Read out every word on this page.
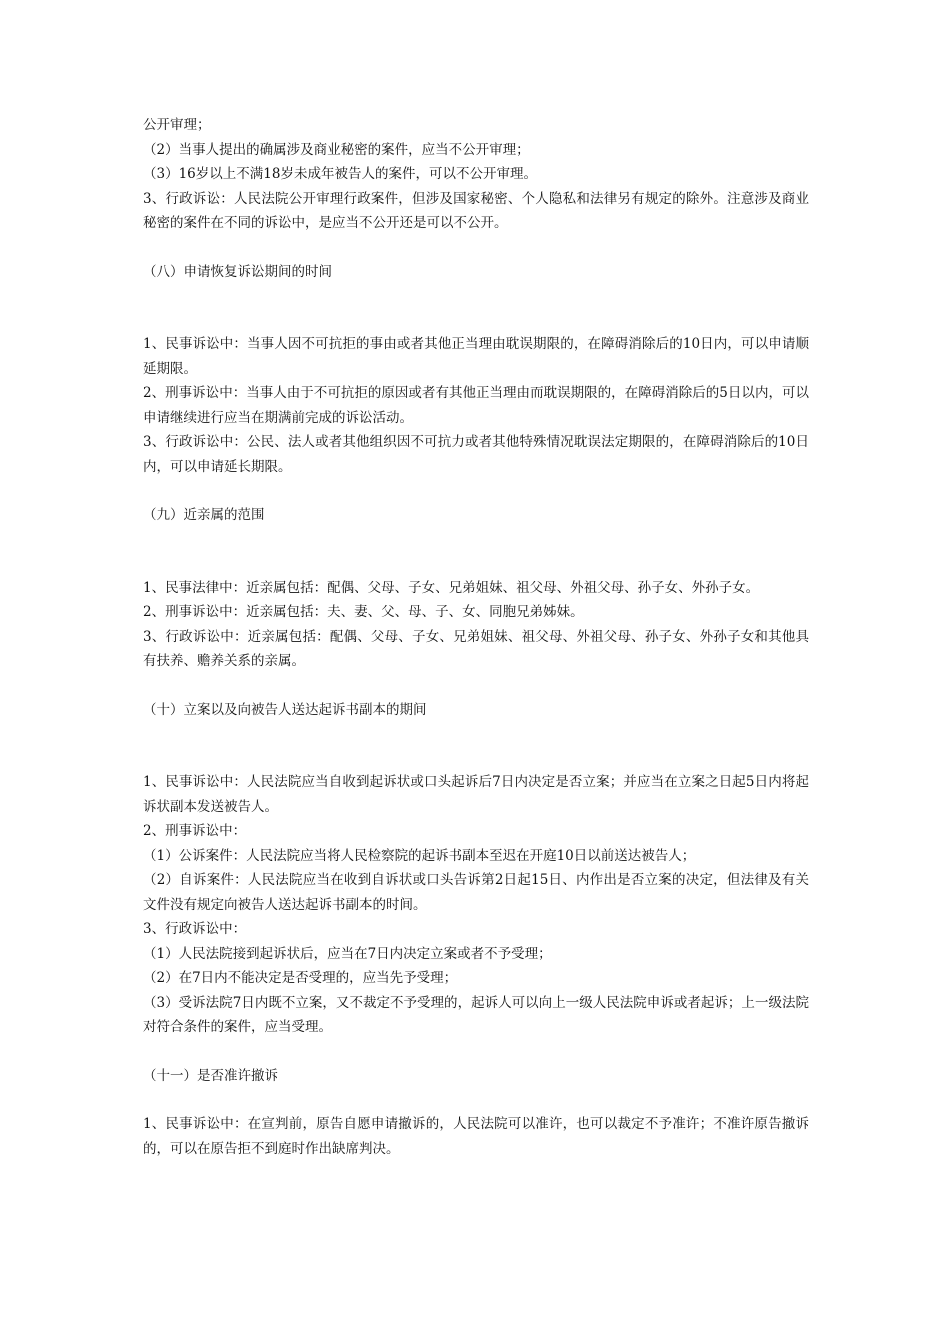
公开审理；

（2）当事人提出的确属涉及商业秘密的案件，应当不公开审理；

（3）16岁以上不满18岁未成年被告人的案件，可以不公开审理。

3、行政诉讼：人民法院公开审理行政案件，但涉及国家秘密、个人隐私和法律另有规定的除外。注意涉及商业秘密的案件在不同的诉讼中，是应当不公开还是可以不公开。

（八）申请恢复诉讼期间的时间

1、民事诉讼中：当事人因不可抗拒的事由或者其他正当理由耽误期限的，在障碍消除后的10日内，可以申请顺延期限。

2、刑事诉讼中：当事人由于不可抗拒的原因或者有其他正当理由而耽误期限的，在障碍消除后的5日以内，可以申请继续进行应当在期满前完成的诉讼活动。

3、行政诉讼中：公民、法人或者其他组织因不可抗力或者其他特殊情况耽误法定期限的，在障碍消除后的10日内，可以申请延长期限。

（九）近亲属的范围

1、民事法律中：近亲属包括：配偶、父母、子女、兄弟姐妹、祖父母、外祖父母、孙子女、外孙子女。

2、刑事诉讼中：近亲属包括：夫、妻、父、母、子、女、同胞兄弟姊妹。

3、行政诉讼中：近亲属包括：配偶、父母、子女、兄弟姐妹、祖父母、外祖父母、孙子女、外孙子女和其他具有扶养、赡养关系的亲属。

（十）立案以及向被告人送达起诉书副本的期间

1、民事诉讼中：人民法院应当自收到起诉状或口头起诉后7日内决定是否立案；并应当在立案之日起5日内将起诉状副本发送被告人。

2、刑事诉讼中：

（1）公诉案件：人民法院应当将人民检察院的起诉书副本至迟在开庭10日以前送达被告人；

（2）自诉案件：人民法院应当在收到自诉状或口头告诉第2日起15日、内作出是否立案的决定，但法律及有关文件没有规定向被告人送达起诉书副本的时间。

3、行政诉讼中：

（1）人民法院接到起诉状后，应当在7日内决定立案或者不予受理；

（2）在7日内不能决定是否受理的，应当先予受理；

（3）受诉法院7日内既不立案，又不裁定不予受理的，起诉人可以向上一级人民法院申诉或者起诉；上一级法院对符合条件的案件，应当受理。

（十一）是否准许撤诉

1、民事诉讼中：在宣判前，原告自愿申请撤诉的，人民法院可以准许，也可以裁定不予准许；不准许原告撤诉的，可以在原告拒不到庭时作出缺席判决。
